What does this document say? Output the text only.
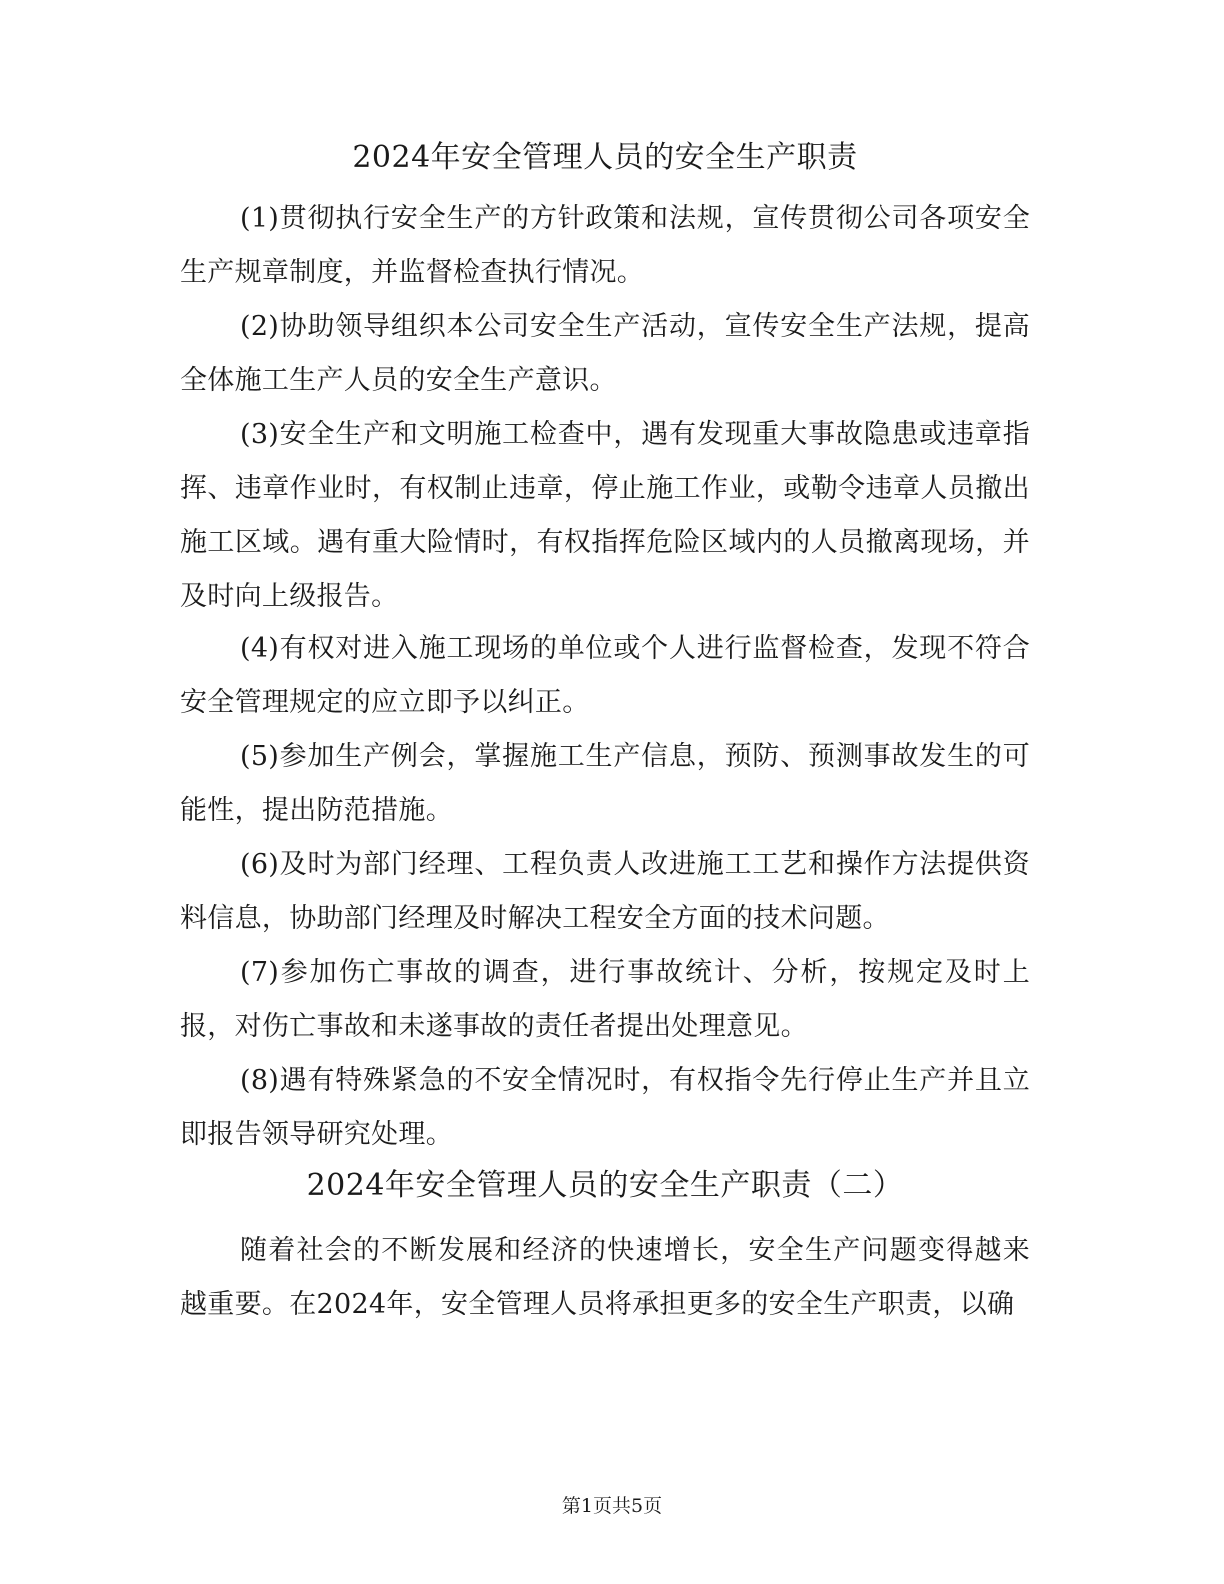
2024年安全管理人员的安全生产职责

(1)贯彻执行安全生产的方针政策和法规，宣传贯彻公司各项安全生产规章制度，并监督检查执行情况。

(2)协助领导组织本公司安全生产活动，宣传安全生产法规，提高全体施工生产人员的安全生产意识。

(3)安全生产和文明施工检查中，遇有发现重大事故隐患或违章指挥、违章作业时，有权制止违章，停止施工作业，或勒令违章人员撤出施工区域。遇有重大险情时，有权指挥危险区域内的人员撤离现场，并及时向上级报告。

(4)有权对进入施工现场的单位或个人进行监督检查，发现不符合安全管理规定的应立即予以纠正。

(5)参加生产例会，掌握施工生产信息，预防、预测事故发生的可能性，提出防范措施。

(6)及时为部门经理、工程负责人改进施工工艺和操作方法提供资料信息，协助部门经理及时解决工程安全方面的技术问题。

(7)参加伤亡事故的调查，进行事故统计、分析，按规定及时上报，对伤亡事故和未遂事故的责任者提出处理意见。

(8)遇有特殊紧急的不安全情况时，有权指令先行停止生产并且立即报告领导研究处理。

2024年安全管理人员的安全生产职责（二）

随着社会的不断发展和经济的快速增长，安全生产问题变得越来越重要。在2024年，安全管理人员将承担更多的安全生产职责，以确

第1页共5页
